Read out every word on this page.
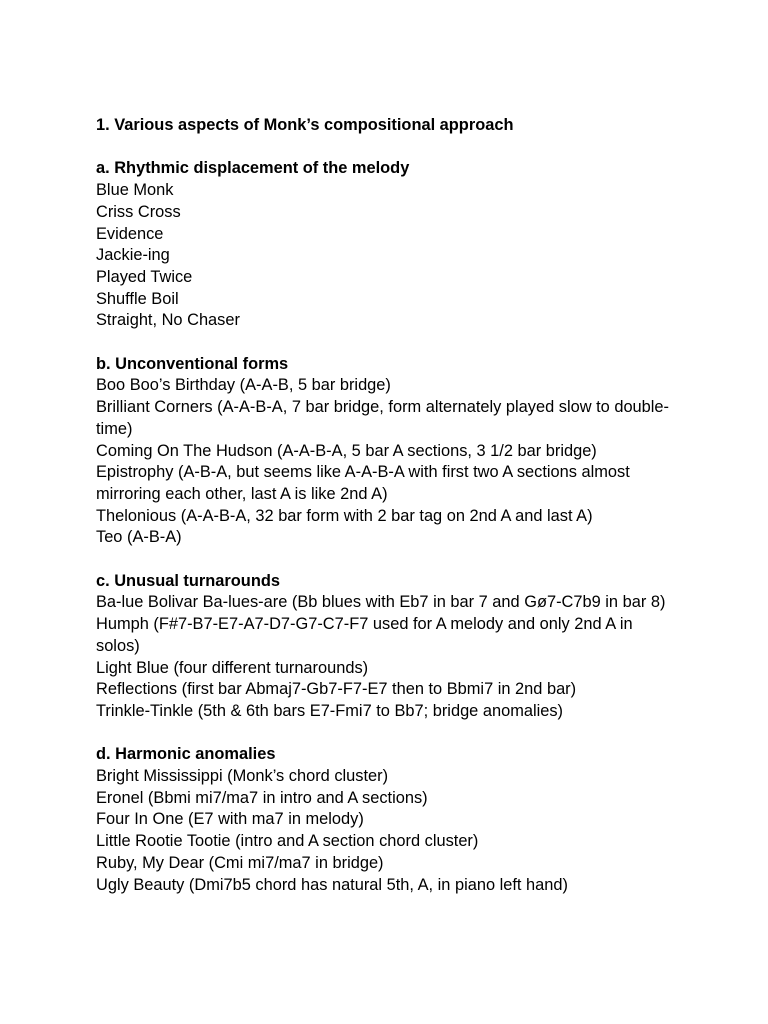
1. Various aspects of Monk’s compositional approach

a. Rhythmic displacement of the melody

Blue Monk
Criss Cross
Evidence
Jackie-ing
Played Twice
Shuffle Boil
Straight, No Chaser

b. Unconventional forms

Boo Boo’s Birthday (A-A-B, 5 bar bridge)
Brilliant Corners (A-A-B-A, 7 bar bridge, form alternately played slow to double-time)
Coming On The Hudson (A-A-B-A, 5 bar A sections, 3 1/2 bar bridge)
Epistrophy (A-B-A, but seems like A-A-B-A with first two A sections almost mirroring each other, last A is like 2nd A)
Thelonious (A-A-B-A, 32 bar form with 2 bar tag on 2nd A and last A)
Teo (A-B-A)

c. Unusual turnarounds

Ba-lue Bolivar Ba-lues-are (Bb blues with Eb7 in bar 7 and Gø7-C7b9 in bar 8)
Humph (F#7-B7-E7-A7-D7-G7-C7-F7 used for A melody and only 2nd A in solos)
Light Blue (four different turnarounds)
Reflections (first bar Abmaj7-Gb7-F7-E7 then to Bbmi7 in 2nd bar)
Trinkle-Tinkle (5th & 6th bars E7-Fmi7 to Bb7; bridge anomalies)

d. Harmonic anomalies

Bright Mississippi (Monk’s chord cluster)
Eronel (Bbmi mi7/ma7 in intro and A sections)
Four In One (E7 with ma7 in melody)
Little Rootie Tootie (intro and A section chord cluster)
Ruby, My Dear (Cmi mi7/ma7 in bridge)
Ugly Beauty (Dmi7b5 chord has natural 5th, A, in piano left hand)
